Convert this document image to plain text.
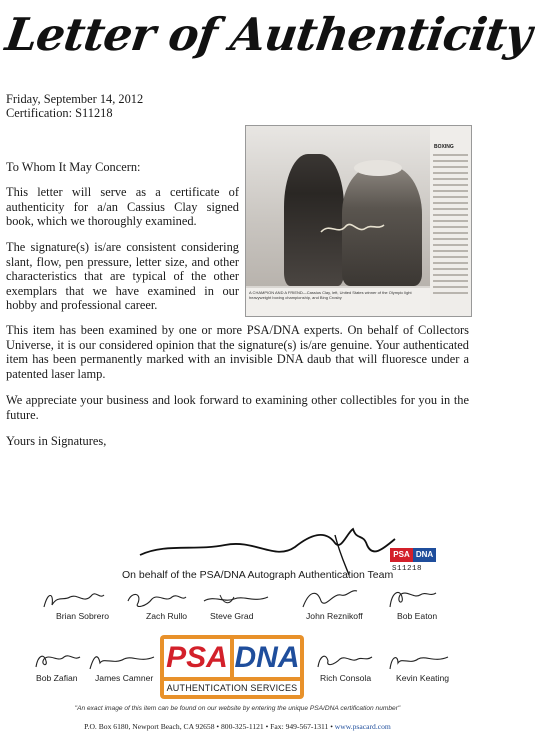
Letter of Authenticity
Friday, September 14, 2012
Certification: S11218
To Whom It May Concern:
This letter will serve as a certificate of authenticity for a/an Cassius Clay signed book, which we thoroughly examined.
The signature(s) is/are consistent considering slant, flow, pen pressure, letter size, and other characteristics that are typical of the other exemplars that we have examined in our hobby and professional career.
This item has been examined by one or more PSA/DNA experts. On behalf of Collectors Universe, it is our considered opinion that the signature(s) is/are genuine. Your authenticated item has been permanently marked with an invisible DNA daub that will fluoresce under a patented laser lamp.
We appreciate your business and look forward to examining other collectibles for you in the future.
Yours in Signatures,
BOXING
A CHAMPION AND A FRIEND—Cassius Clay, left, United States winner of the Olympic light heavyweight boxing championship, and Bing Crosby
PSA DNA
S11218
On behalf of the PSA/DNA Autograph Authentication Team
Brian Sobrero	Zach Rullo	Steve Grad	John Reznikoff	Bob Eaton
Bob Zafian James Camner
PSA DNA
AUTHENTICATION SERVICES
Rich Consola	Kevin Keating
"An exact image of this item can be found on our website by entering the unique PSA/DNA certification number"
P.O. Box 6180, Newport Beach, CA 92658 • 800-325-1121 • Fax: 949-567-1311 • www.psacard.com
